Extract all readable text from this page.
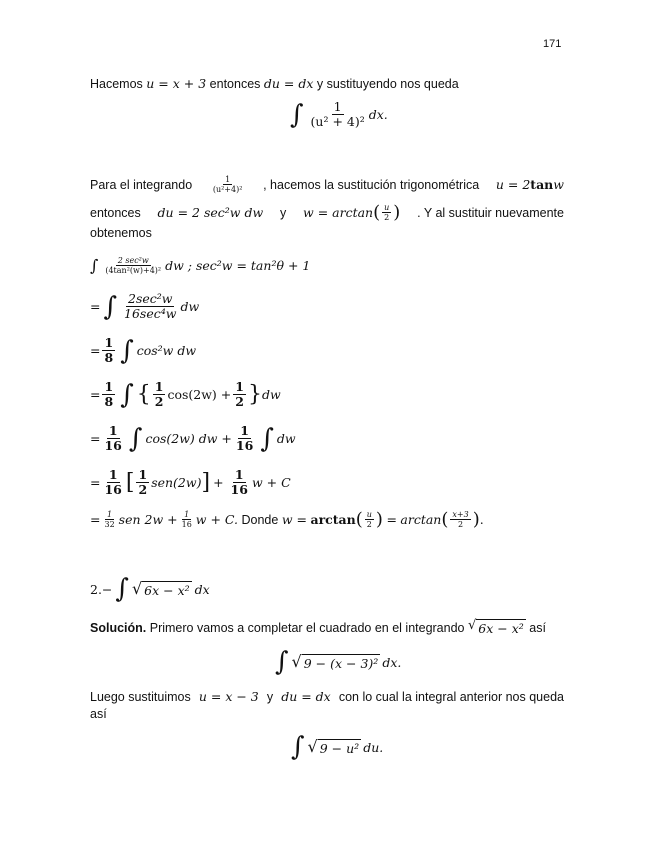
171
Hacemos
u = x + 3
entonces
du = dx
y sustituyendo nos queda
∫ $\frac{1}{\text{(u² + 4)²}}$ dx.
Para el integrando $\frac{1}{\text{(u²+4)²}}$ , hacemos la sustitución trigonométrica u = 2tanw
entonces du = 2 sec²w dw y w = arctan ( $\frac{u}{2}$ ) . Y al sustituir nuevamente
obtenemos
∫ $\frac{\text{2 sec²w}}{\text{(4tan²(w)+4)²}}$ dw ; sec²w = tan²θ + 1
= ∫ $\frac{\text{2sec²w}}{\text{16sec⁴w}}$ dw
= $\frac{1}{8}$ ∫ cos²w dw
= $\frac{1}{8}$ ∫ { $\frac{1}{2} \cos(2w) + \frac{1}{2}$ } dw
= $\frac{1}{16}$ ∫ cos(2w) dw + $\frac{1}{16}$ ∫ dw
= $\frac{1}{16}$ [ $\frac{1}{2} sen(2w)$ ] + $\frac{1}{16}$ w + C
= $\frac{1}{32}$ sen $2w + \frac{1}{16}$ w + C.
Donde
w =
arctan ( $\frac{u}{2}$ )
=
arctan ( $\frac{x+3}{2}$ ) .
2.− ∫ √ 6x − x² dx
Solución.
Primero vamos a completar el cuadrado en el integrando
√ 6x − x²
así
∫ √ 9 − (x − 3)² dx.
Luego sustituimos u = x − 3 y du = dx con lo cual la integral anterior nos queda
así
∫ √ 9 − u² du.
